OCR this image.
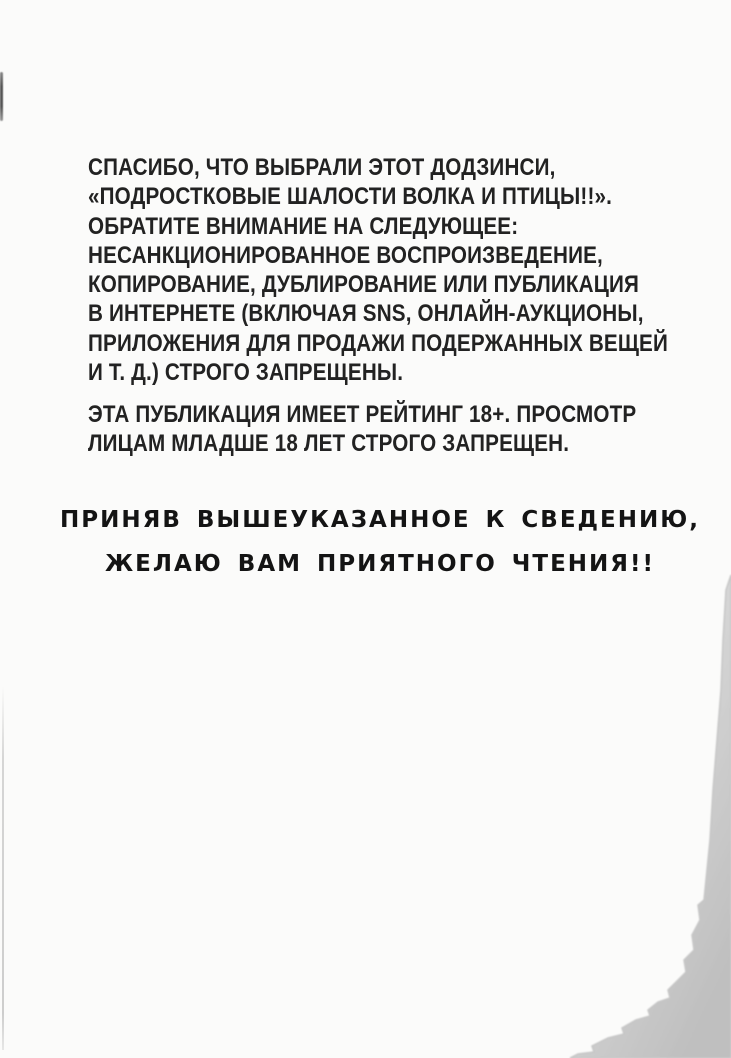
СПАСИБО, ЧТО ВЫБРАЛИ ЭТОТ ДОДЗИНСИ,
«ПОДРОСТКОВЫЕ ШАЛОСТИ ВОЛКА И ПТИЦЫ!!».
ОБРАТИТЕ ВНИМАНИЕ НА СЛЕДУЮЩЕЕ:
НЕСАНКЦИОНИРОВАННОЕ ВОСПРОИЗВЕДЕНИЕ,
КОПИРОВАНИЕ, ДУБЛИРОВАНИЕ ИЛИ ПУБЛИКАЦИЯ
В ИНТЕРНЕТЕ (ВКЛЮЧАЯ SNS, ОНЛАЙН-АУКЦИОНЫ,
ПРИЛОЖЕНИЯ ДЛЯ ПРОДАЖИ ПОДЕРЖАННЫХ ВЕЩЕЙ
И Т. Д.) СТРОГО ЗАПРЕЩЕНЫ.
ЭТА ПУБЛИКАЦИЯ ИМЕЕТ РЕЙТИНГ 18+. ПРОСМОТР
ЛИЦАМ МЛАДШЕ 18 ЛЕТ СТРОГО ЗАПРЕЩЕН.
ПРИНЯВ ВЫШЕУКАЗАННОЕ К СВЕДЕНИЮ,
ЖЕЛАЮ ВАМ ПРИЯТНОГО ЧТЕНИЯ!!
